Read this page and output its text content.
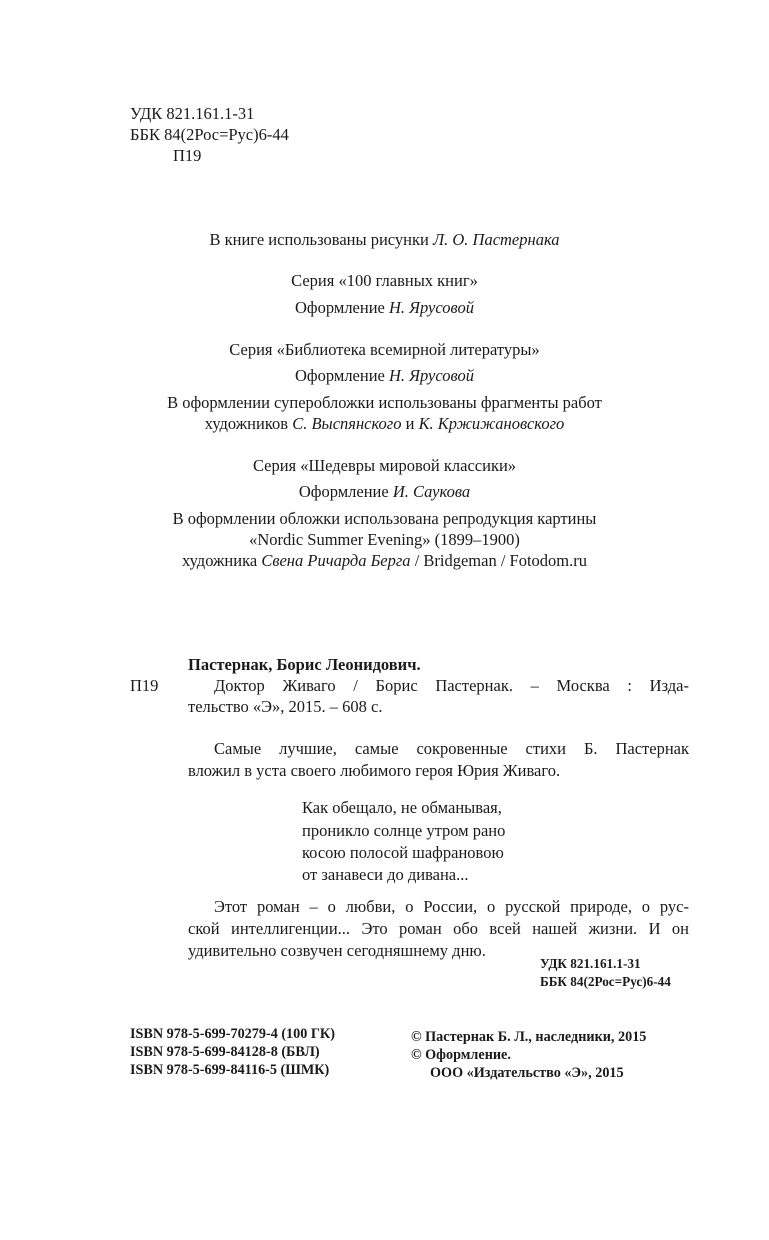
УДК 821.161.1-31
ББК 84(2Рос=Рус)6-44
П19
В книге использованы рисунки Л. О. Пастернака
Серия «100 главных книг»
Оформление Н. Ярусовой
Серия «Библиотека всемирной литературы»
Оформление Н. Ярусовой
В оформлении суперобложки использованы фрагменты работ
художников С. Выспянского и К. Кржижановского
Серия «Шедевры мировой классики»
Оформление И. Саукова
В оформлении обложки использована репродукция картины
«Nordic Summer Evening» (1899–1900)
художника Свена Ричарда Берга / Bridgeman / Fotodom.ru
Пастернак, Борис Леонидович.
П19	Доктор Живаго / Борис Пастернак. – Москва : Изда-
тельство «Э», 2015. – 608 с.
Самые лучшие, самые сокровенные стихи Б. Пастернак
вложил в уста своего любимого героя Юрия Живаго.
Как обещало, не обманывая,
проникло солнце утром рано
косою полосой шафрановою
от занавеси до дивана...
Этот роман – о любви, о России, о русской природе, о рус-
ской интеллигенции... Это роман обо всей нашей жизни. И он
удивительно созвучен сегодняшнему дню.
УДК 821.161.1-31
ББК 84(2Рос=Рус)6-44
ISBN 978-5-699-70279-4 (100 ГК)
ISBN 978-5-699-84128-8 (БВЛ)
ISBN 978-5-699-84116-5 (ШМК)
© Пастернак Б. Л., наследники, 2015
© Оформление.
ООО «Издательство «Э», 2015
